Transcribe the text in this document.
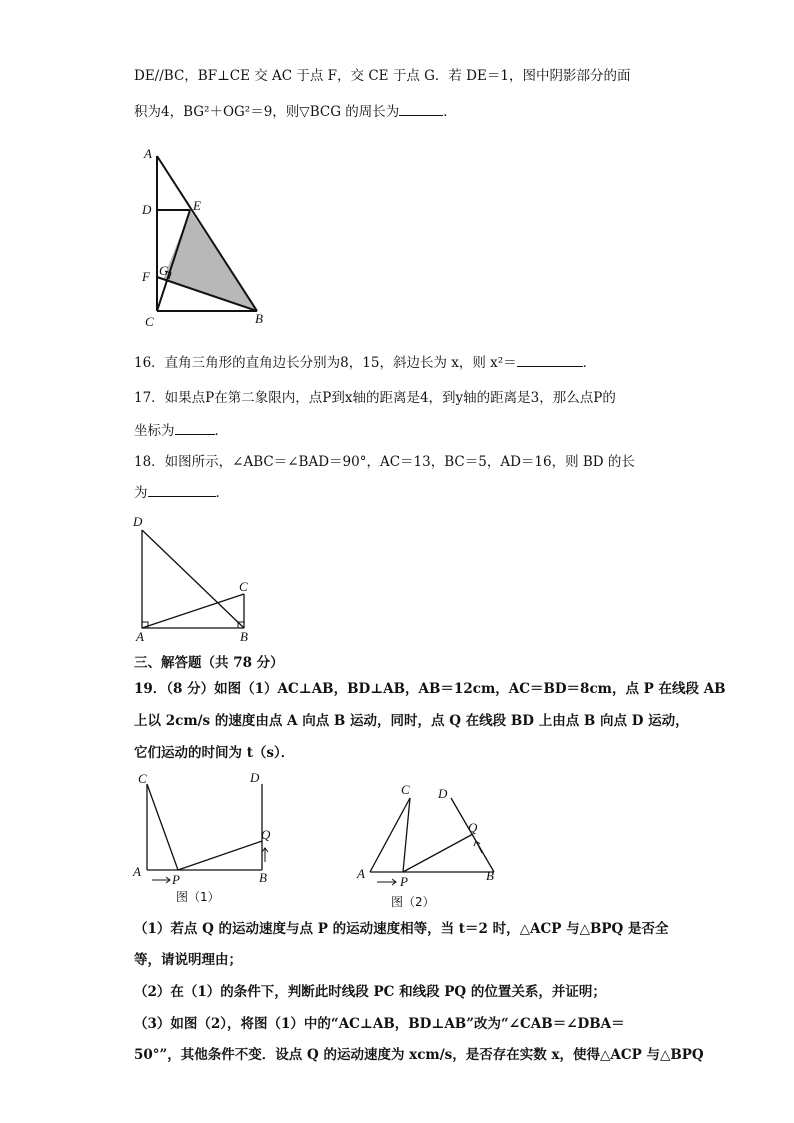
DE//BC，BF⊥CE 交 AC 于点 F，交 CE 于点 G．若 DE＝1，图中阴影部分的面
积为4，BG²＋OG²＝9，则▽BCG 的周长为	．
A
D	E
F G
C	B
16．直角三角形的直角边长分别为8，15，斜边长为 x，则 x²＝	．
17．如果点P在第二象限内，点P到x轴的距离是4，到y轴的距离是3，那么点P的
坐标为	．
18．如图所示，∠ABC＝∠BAD＝90°，AC＝13，BC＝5，AD＝16，则 BD 的长
为	．
D
C
A	B
三、解答题（共 78 分）
19．（8 分）如图（1）AC⊥AB，BD⊥AB，AB＝12cm，AC＝BD＝8cm，点 P 在线段 AB
上以 2cm/s 的速度由点 A 向点 B 运动，同时，点 Q 在线段 BD 上由点 B 向点 D 运动，
它们运动的时间为 t（s）．
C	D
Q
A
P	B
图（1）
C D
Q
A
P	B
图（2）
（1）若点 Q 的运动速度与点 P 的运动速度相等，当 t＝2 时，△ACP 与△BPQ 是否全
等，请说明理由；
（2）在（1）的条件下，判断此时线段 PC 和线段 PQ 的位置关系，并证明；
（3）如图（2），将图（1）中的“AC⊥AB，BD⊥AB”改为“∠CAB＝∠DBA＝
50°”，其他条件不变．设点 Q 的运动速度为 xcm/s，是否存在实数 x，使得△ACP 与△BPQ
